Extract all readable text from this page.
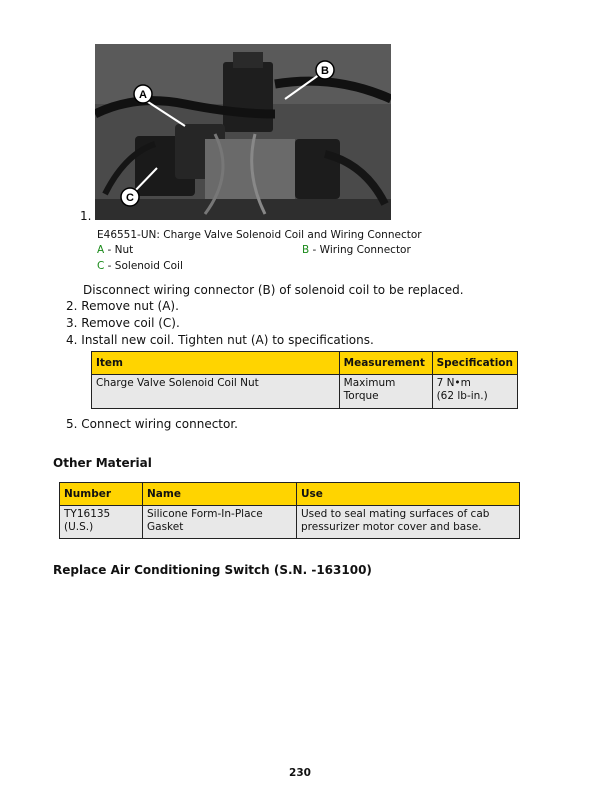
1.
A
B
C
E46551-UN: Charge Valve Solenoid Coil and Wiring Connector
A - Nut	B - Wiring Connector
C - Solenoid Coil
Disconnect wiring connector (B) of solenoid coil to be replaced.
2. Remove nut (A).
3. Remove coil (C).
4. Install new coil. Tighten nut (A) to specifications.
Item	Measurement	Specification
Charge Valve Solenoid Coil Nut	Maximum Torque	7 N•m
(62 lb-in.)
5. Connect wiring connector.
Other Material
Number	Name	Use
TY16135 (U.S.)	Silicone Form-In-Place Gasket	Used to seal mating surfaces of cab
pressurizer motor cover and base.
Replace Air Conditioning Switch (S.N. -163100)
230
